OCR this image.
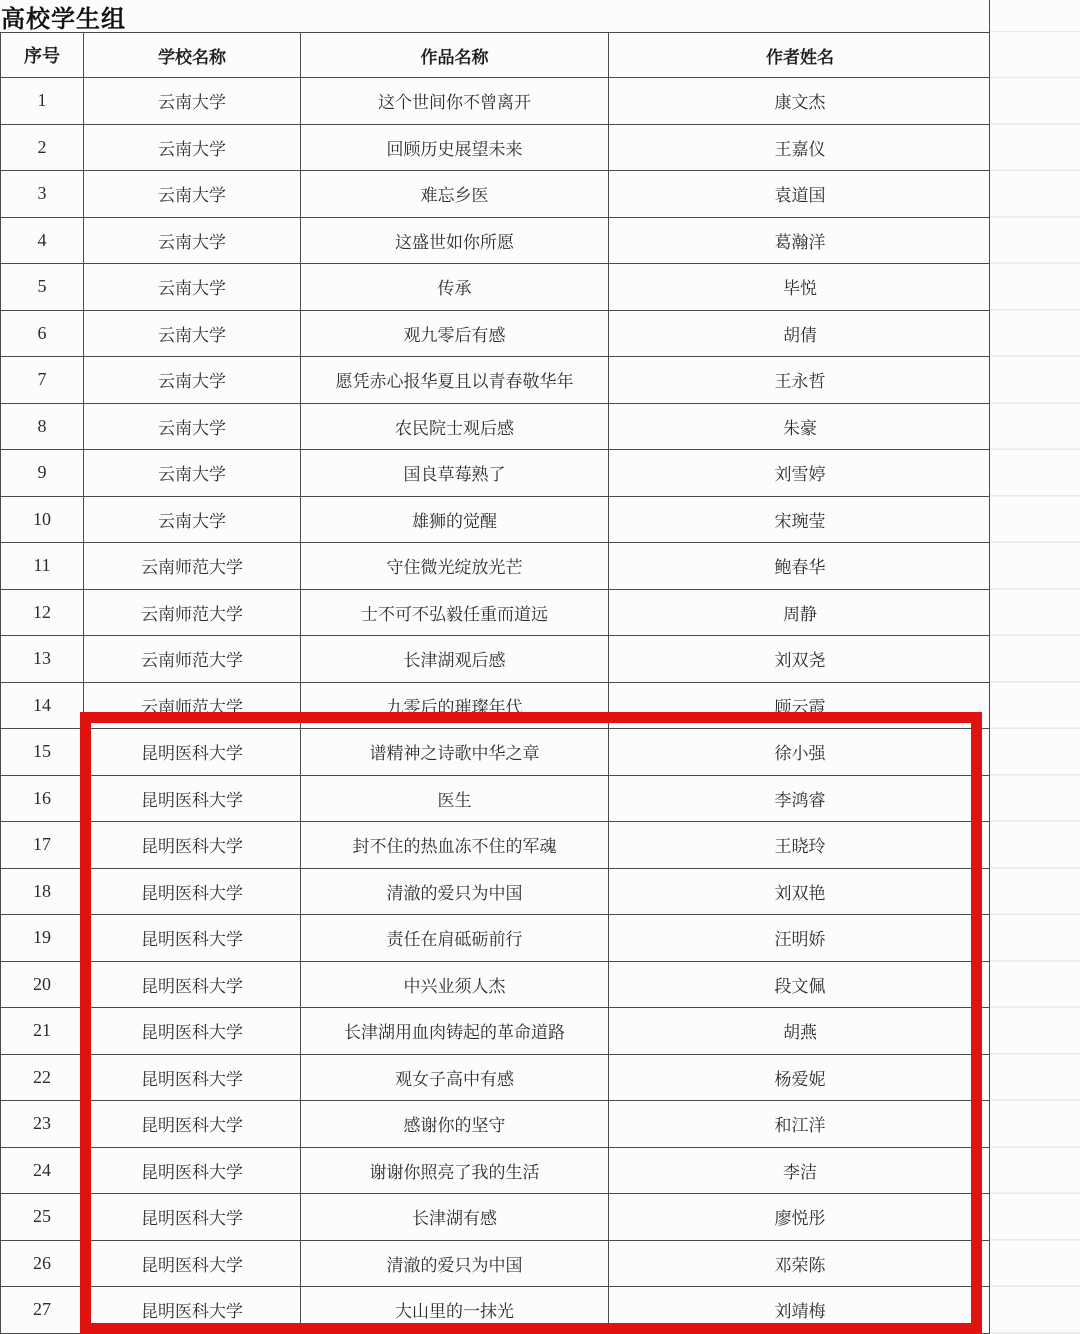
高校学生组
序号	学校名称	作品名称	作者姓名
1	云南大学	这个世间你不曾离开	康文杰
2	云南大学	回顾历史展望未来	王嘉仪
3	云南大学	难忘乡医	袁道国
4	云南大学	这盛世如你所愿	葛瀚洋
5	云南大学	传承	毕悦
6	云南大学	观九零后有感	胡倩
7	云南大学	愿凭赤心报华夏且以青春敬华年	王永哲
8	云南大学	农民院士观后感	朱豪
9	云南大学	国良草莓熟了	刘雪婷
10	云南大学	雄狮的觉醒	宋琬莹
11	云南师范大学	守住微光绽放光芒	鲍春华
12	云南师范大学	士不可不弘毅任重而道远	周静
13	云南师范大学	长津湖观后感	刘双尧
14	云南师范大学	九零后的璀璨年代	顾云霞
15	昆明医科大学	谱精神之诗歌中华之章	徐小强
16	昆明医科大学	医生	李鸿睿
17	昆明医科大学	封不住的热血冻不住的军魂	王晓玲
18	昆明医科大学	清澈的爱只为中国	刘双艳
19	昆明医科大学	责任在肩砥砺前行	汪明娇
20	昆明医科大学	中兴业须人杰	段文佩
21	昆明医科大学	长津湖用血肉铸起的革命道路	胡燕
22	昆明医科大学	观女子高中有感	杨爱妮
23	昆明医科大学	感谢你的坚守	和江洋
24	昆明医科大学	谢谢你照亮了我的生活	李洁
25	昆明医科大学	长津湖有感	廖悦彤
26	昆明医科大学	清澈的爱只为中国	邓荣陈
27	昆明医科大学	大山里的一抹光	刘靖梅
